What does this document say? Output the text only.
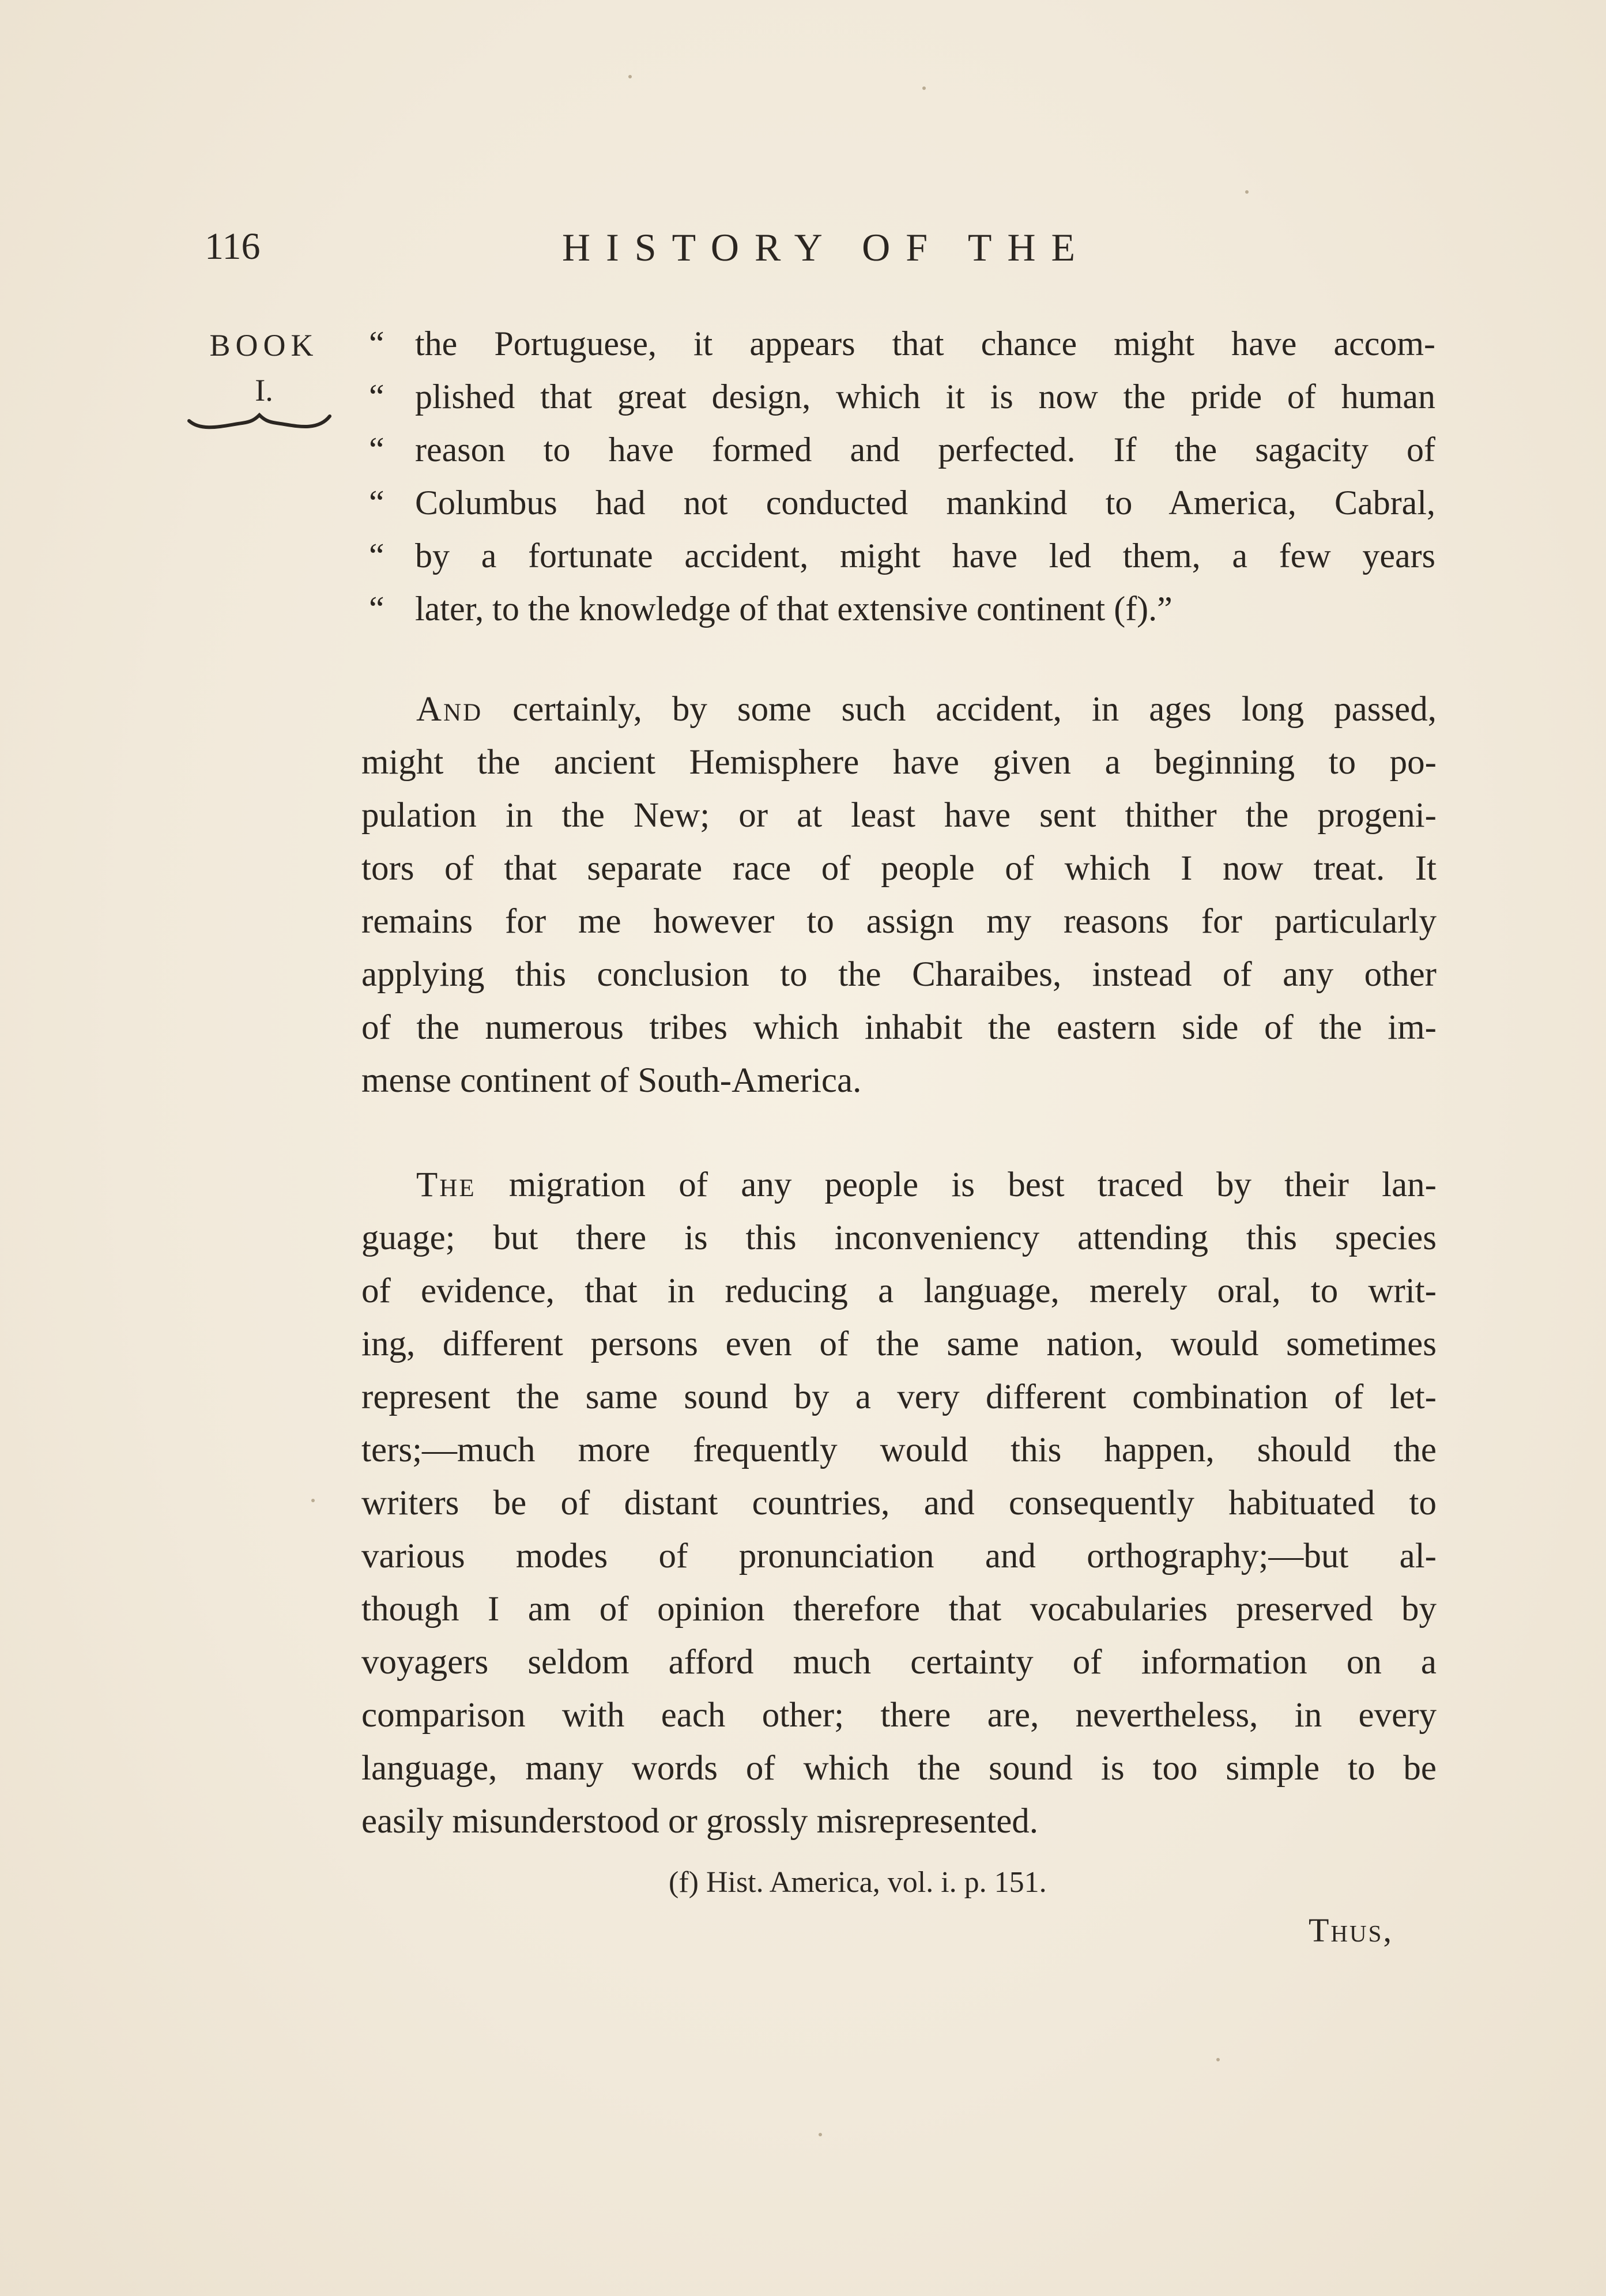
116	HISTORY OF THE
BOOK
I.
“ the Portuguese, it appears that chance might have accom-
“ plished that great design, which it is now the pride of human
“ reason to have formed and perfected. If the sagacity of
“ Columbus had not conducted mankind to America, Cabral,
“ by a fortunate accident, might have led them, a few years
“ later, to the knowledge of that extensive continent (f).”
And certainly, by some such accident, in ages long passed,
might the ancient Hemisphere have given a beginning to po-
pulation in the New; or at least have sent thither the progeni-
tors of that separate race of people of which I now treat. It
remains for me however to assign my reasons for particularly
applying this conclusion to the Charaibes, instead of any other
of the numerous tribes which inhabit the eastern side of the im-
mense continent of South-America.
The migration of any people is best traced by their lan-
guage; but there is this inconveniency attending this species
of evidence, that in reducing a language, merely oral, to writ-
ing, different persons even of the same nation, would sometimes
represent the same sound by a very different combination of let-
ters;—much more frequently would this happen, should the
writers be of distant countries, and consequently habituated to
various modes of pronunciation and orthography;—but al-
though I am of opinion therefore that vocabularies preserved by
voyagers seldom afford much certainty of information on a
comparison with each other; there are, nevertheless, in every
language, many words of which the sound is too simple to be
easily misunderstood or grossly misrepresented.
(f) Hist. America, vol. i. p. 151.
Thus,
